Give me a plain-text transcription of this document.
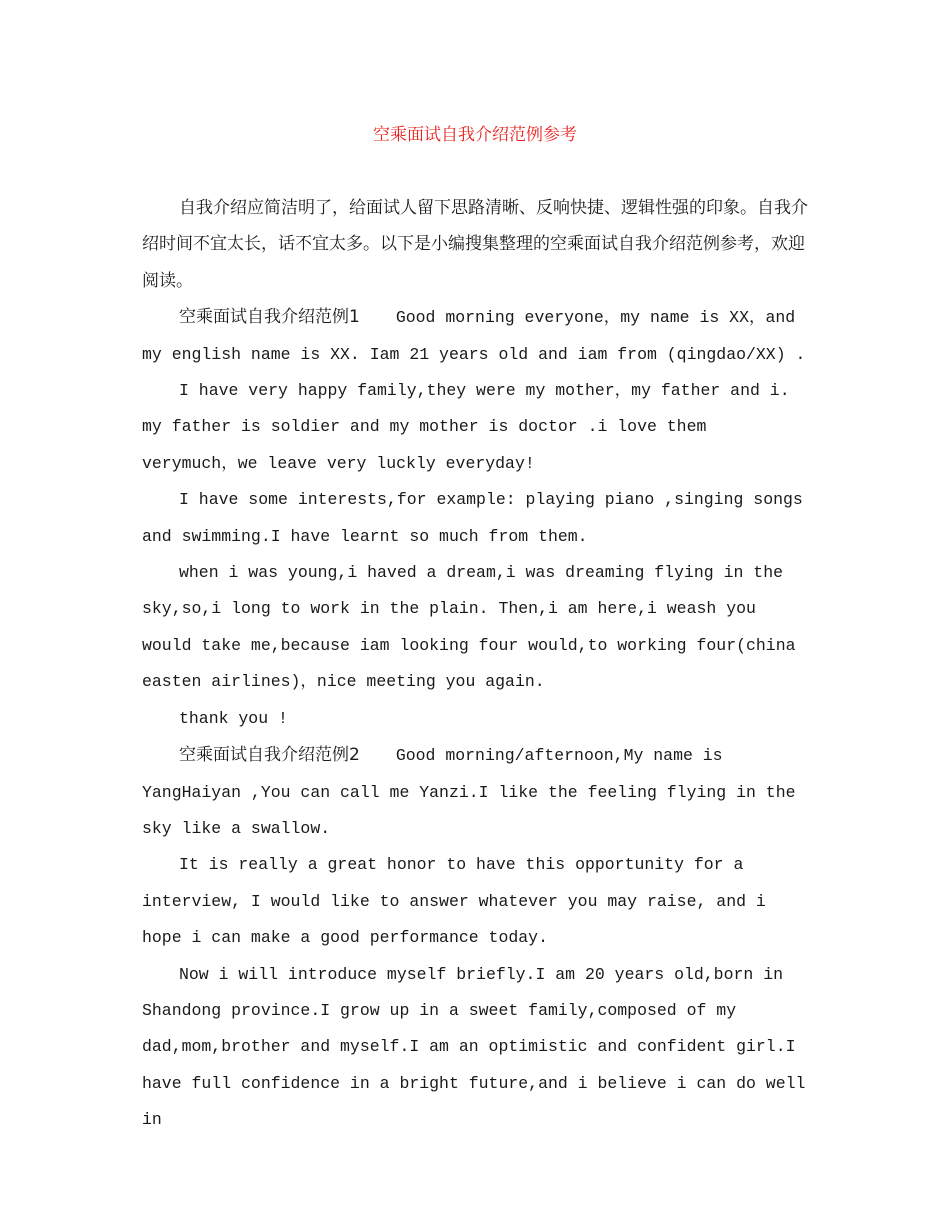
空乘面试自我介绍范例参考

自我介绍应简洁明了，给面试人留下思路清晰、反响快捷、逻辑性强的印象。自我介绍时间不宜太长，话不宜太多。以下是小编搜集整理的空乘面试自我介绍范例参考，欢迎阅读。

空乘面试自我介绍范例1 Good morning everyone，my name is XX，and my english name is XX. Iam 21 years old and iam from (qingdao/XX) .

I have very happy family,they were my mother，my father and i. my father is soldier and my mother is doctor .i love them verymuch，we leave very luckly everyday!

I have some interests,for example: playing piano ,singing songs and swimming.I have learnt so much from them.

when i was young,i haved a dream,i was dreaming flying in the sky,so,i long to work in the plain. Then,i am here,i weash you would take me,because iam looking four would,to working four(china easten airlines)，nice meeting you again.

thank you !

空乘面试自我介绍范例2 Good morning/afternoon,My name is YangHaiyan ,You can call me Yanzi.I like the feeling flying in the sky like a swallow.

It is really a great honor to have this opportunity for a interview, I would like to answer whatever you may raise, and i hope i can make a good performance today.

Now i will introduce myself briefly.I am 20 years old,born in Shandong province.I grow up in a sweet family,composed of my dad,mom,brother and myself.I am an optimistic and confident girl.I have full confidence in a bright future,and i believe i can do well in
